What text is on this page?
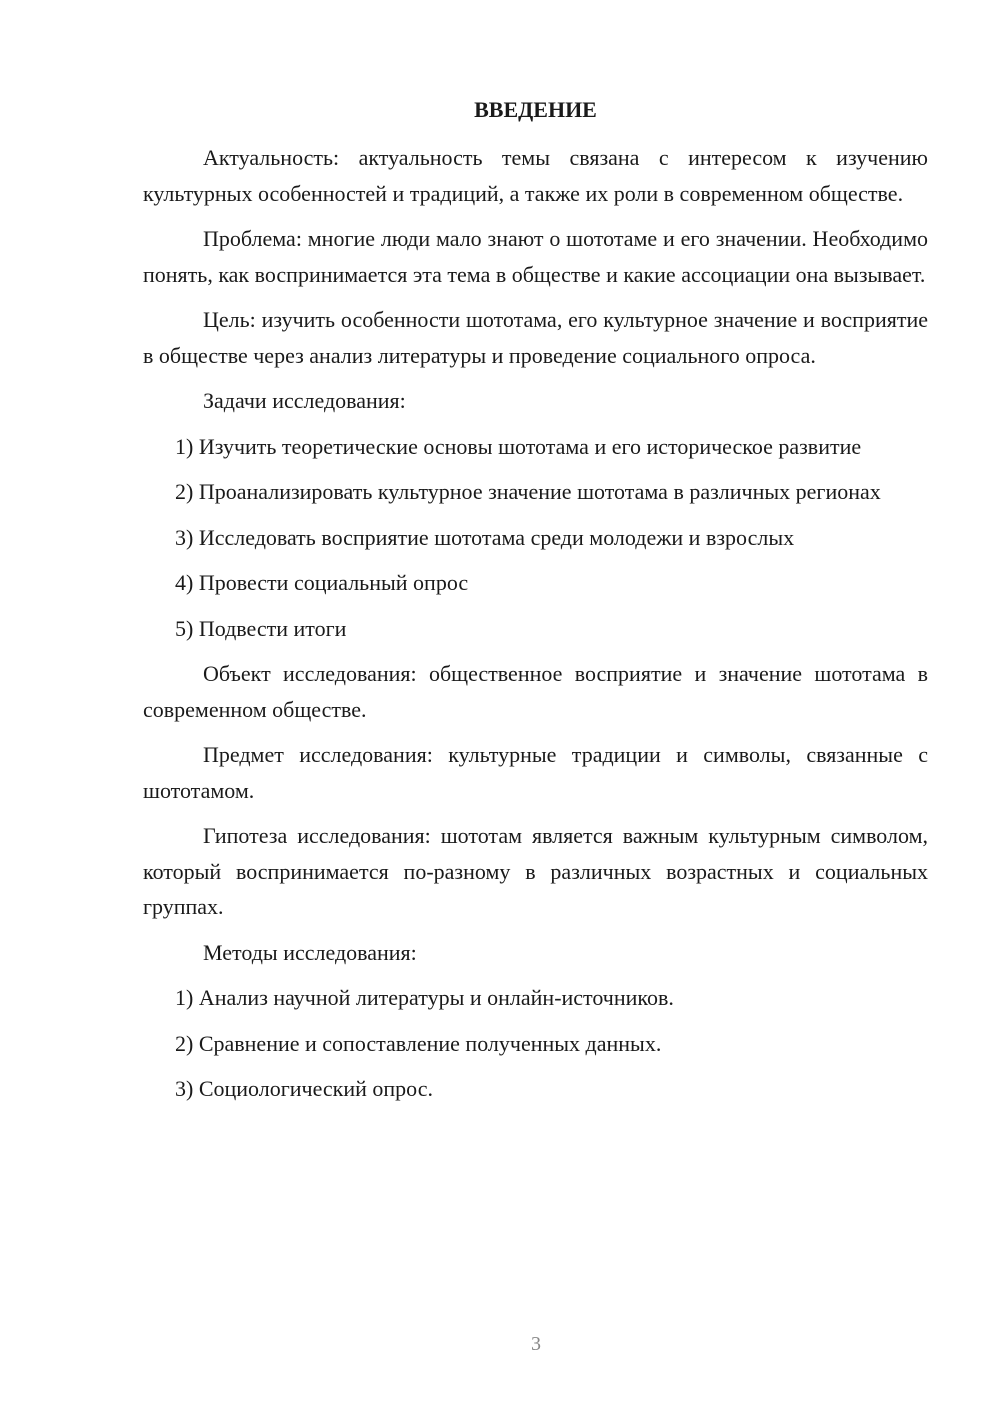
ВВЕДЕНИЕ

Актуальность: актуальность темы связана с интересом к изучению культурных особенностей и традиций, а также их роли в современном обществе.

Проблема: многие люди мало знают о шототаме и его значении. Необходимо понять, как воспринимается эта тема в обществе и какие ассоциации она вызывает.

Цель: изучить особенности шототама, его культурное значение и восприятие в обществе через анализ литературы и проведение социального опроса.

Задачи исследования:

1) Изучить теоретические основы шототама и его историческое развитие

2) Проанализировать культурное значение шототама в различных регионах

3) Исследовать восприятие шототама среди молодежи и взрослых

4) Провести социальный опрос

5) Подвести итоги

Объект исследования: общественное восприятие и значение шототама в современном обществе.

Предмет исследования: культурные традиции и символы, связанные с шототамом.

Гипотеза исследования: шототам является важным культурным символом, который воспринимается по-разному в различных возрастных и социальных группах.

Методы исследования:

1) Анализ научной литературы и онлайн-источников.

2) Сравнение и сопоставление полученных данных.

3) Социологический опрос.

3
